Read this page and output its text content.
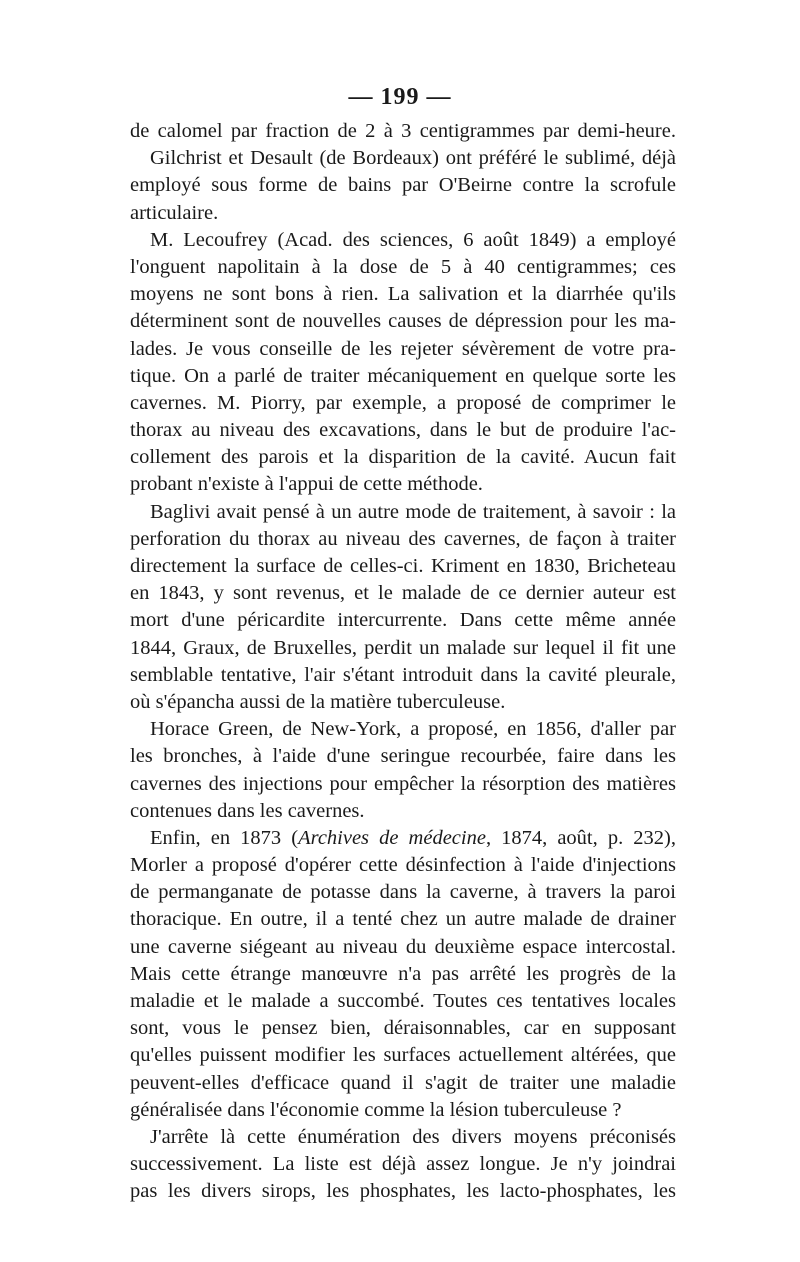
— 199 —
de calomel par fraction de 2 à 3 centigrammes par demi-heure.
Gilchrist et Desault (de Bordeaux) ont préféré le sublimé, déjà
employé sous forme de bains par O'Beirne contre la scrofule
articulaire.
M. Lecoufrey (Acad. des sciences, 6 août 1849) a employé
l'onguent napolitain à la dose de 5 à 40 centigrammes; ces
moyens ne sont bons à rien. La salivation et la diarrhée qu'ils
déterminent sont de nouvelles causes de dépression pour les ma-
lades. Je vous conseille de les rejeter sévèrement de votre pra-
tique. On a parlé de traiter mécaniquement en quelque sorte les
cavernes. M. Piorry, par exemple, a proposé de comprimer le
thorax au niveau des excavations, dans le but de produire l'ac-
collement des parois et la disparition de la cavité. Aucun fait
probant n'existe à l'appui de cette méthode.
Baglivi avait pensé à un autre mode de traitement, à savoir : la
perforation du thorax au niveau des cavernes, de façon à traiter
directement la surface de celles-ci. Kriment en 1830, Bricheteau
en 1843, y sont revenus, et le malade de ce dernier auteur est
mort d'une péricardite intercurrente. Dans cette même année
1844, Graux, de Bruxelles, perdit un malade sur lequel il fit une
semblable tentative, l'air s'étant introduit dans la cavité pleurale,
où s'épancha aussi de la matière tuberculeuse.
Horace Green, de New-York, a proposé, en 1856, d'aller par
les bronches, à l'aide d'une seringue recourbée, faire dans les
cavernes des injections pour empêcher la résorption des matières
contenues dans les cavernes.
Enfin, en 1873 (Archives de médecine, 1874, août, p. 232),
Morler a proposé d'opérer cette désinfection à l'aide d'injections
de permanganate de potasse dans la caverne, à travers la paroi
thoracique. En outre, il a tenté chez un autre malade de drainer
une caverne siégeant au niveau du deuxième espace intercostal.
Mais cette étrange manœuvre n'a pas arrêté les progrès de la
maladie et le malade a succombé. Toutes ces tentatives locales
sont, vous le pensez bien, déraisonnables, car en supposant
qu'elles puissent modifier les surfaces actuellement altérées, que
peuvent-elles d'efficace quand il s'agit de traiter une maladie
généralisée dans l'économie comme la lésion tuberculeuse ?
J'arrête là cette énumération des divers moyens préconisés
successivement. La liste est déjà assez longue. Je n'y joindrai
pas les divers sirops, les phosphates, les lacto-phosphates, les
